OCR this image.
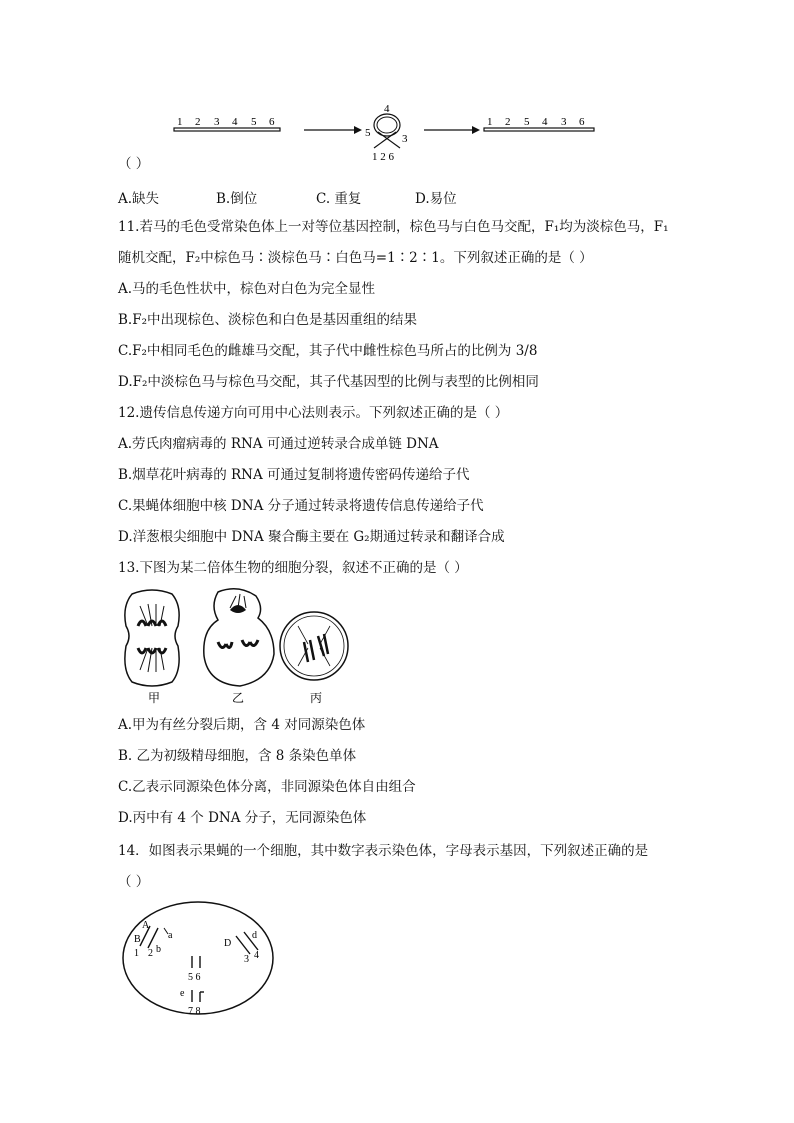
1 2 3 4 5 6
4
5	3
1 2 6
1 2 5 4 3 6
（ ）
A.缺失	B.倒位	C. 重复	D.易位
11.若马的毛色受常染色体上一对等位基因控制，棕色马与白色马交配，F₁均为淡棕色马，F₁
随机交配，F₂中棕色马∶淡棕色马∶白色马=1∶2∶1。下列叙述正确的是（ ）
A.马的毛色性状中，棕色对白色为完全显性
B.F₂中出现棕色、淡棕色和白色是基因重组的结果
C.F₂中相同毛色的雌雄马交配，其子代中雌性棕色马所占的比例为 3/8
D.F₂中淡棕色马与棕色马交配，其子代基因型的比例与表型的比例相同
12.遗传信息传递方向可用中心法则表示。下列叙述正确的是（ ）
A.劳氏肉瘤病毒的 RNA 可通过逆转录合成单链 DNA
B.烟草花叶病毒的 RNA 可通过复制将遗传密码传递给子代
C.果蝇体细胞中核 DNA 分子通过转录将遗传信息传递给子代
D.洋葱根尖细胞中 DNA 聚合酶主要在 G₂期通过转录和翻译合成
13.下图为某二倍体生物的细胞分裂，叙述不正确的是（ ）
甲	乙	丙
A.甲为有丝分裂后期，含 4 对同源染色体
B. 乙为初级精母细胞，含 8 条染色单体
C.乙表示同源染色体分离，非同源染色体自由组合
D.丙中有 4 个 DNA 分子，无同源染色体
14．如图表示果蝇的一个细胞，其中数字表示染色体，字母表示基因，下列叙述正确的是
（ ）
A
B	a
b
1 2
D
d
3 4
5 6
e
7 8
